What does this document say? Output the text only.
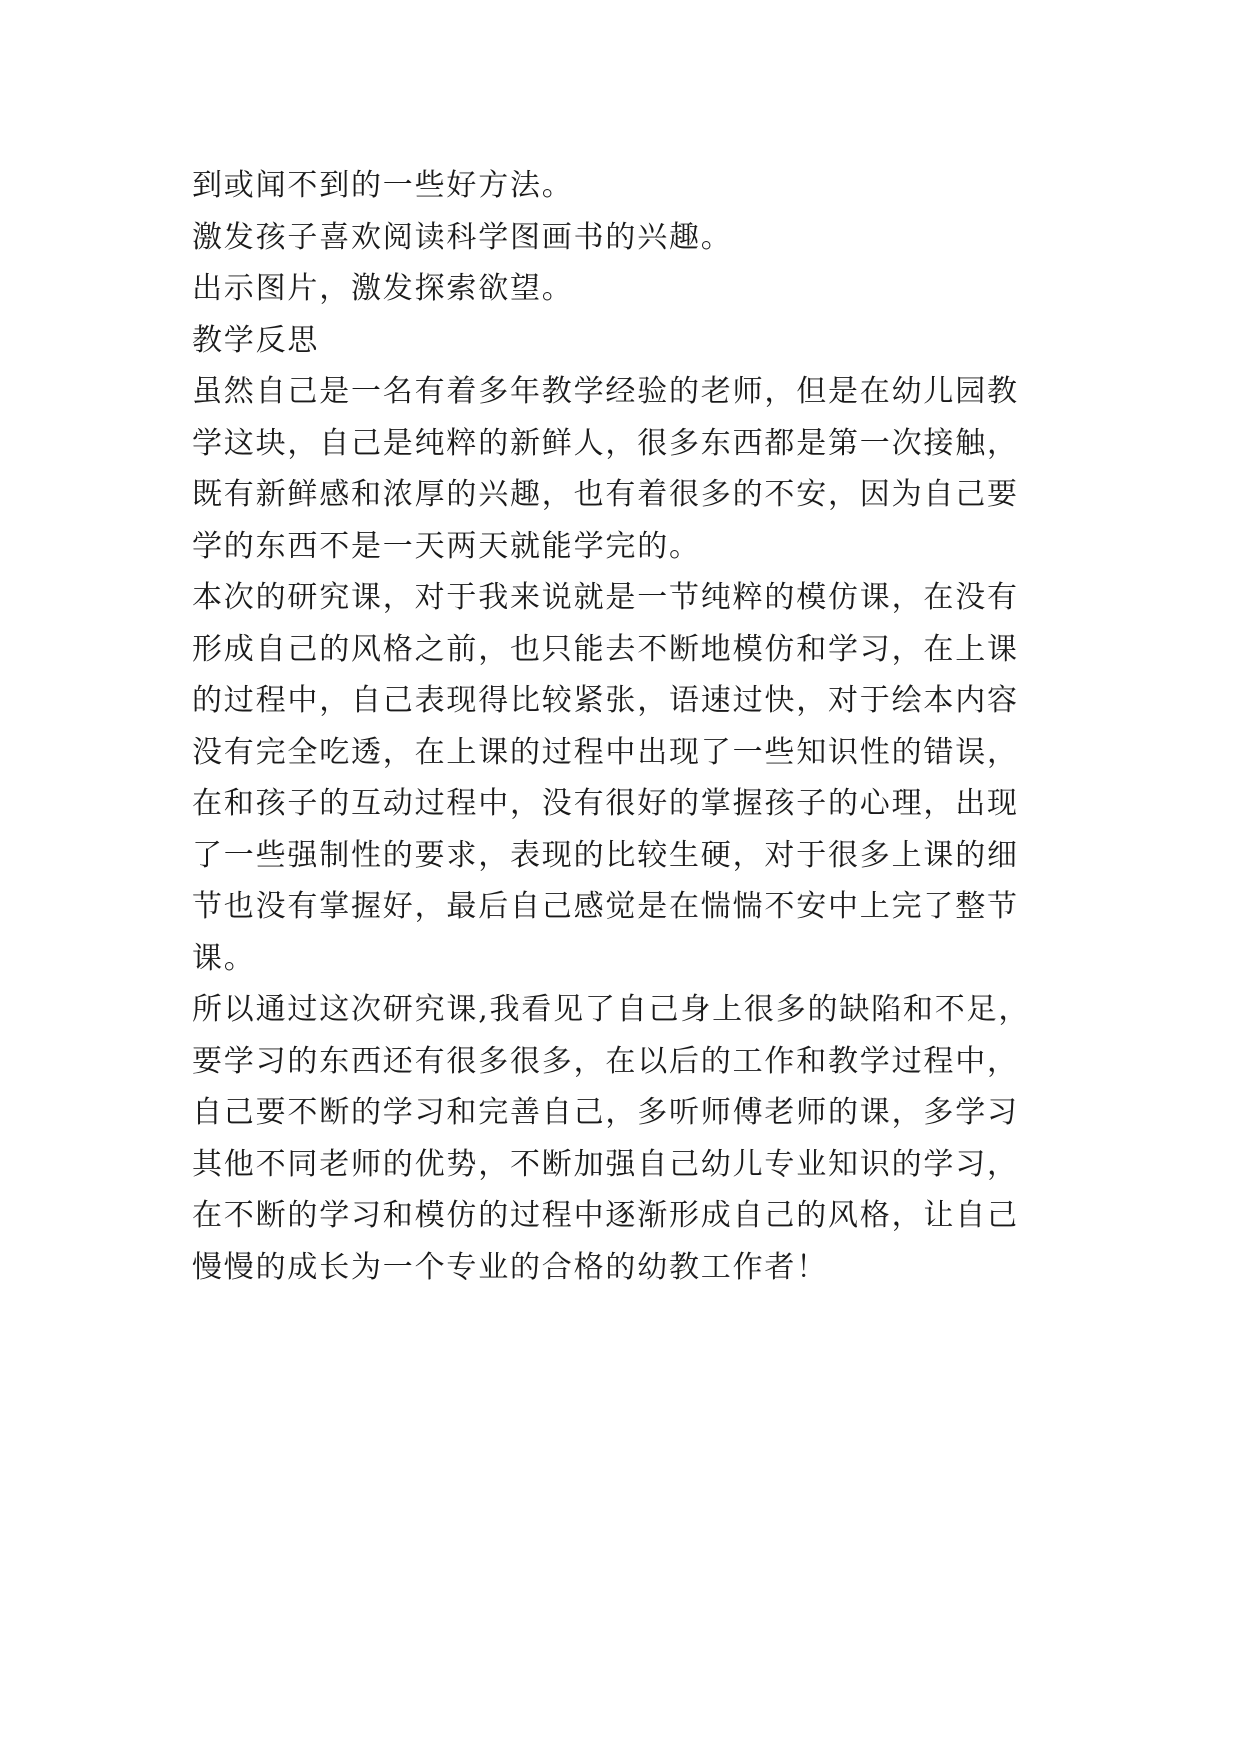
到或闻不到的一些好方法。
激发孩子喜欢阅读科学图画书的兴趣。
出示图片，激发探索欲望。
教学反思
虽然自己是一名有着多年教学经验的老师，但是在幼儿园教
学这块，自己是纯粹的新鲜人，很多东西都是第一次接触，
既有新鲜感和浓厚的兴趣，也有着很多的不安，因为自己要
学的东西不是一天两天就能学完的。
本次的研究课，对于我来说就是一节纯粹的模仿课，在没有
形成自己的风格之前，也只能去不断地模仿和学习，在上课
的过程中，自己表现得比较紧张，语速过快，对于绘本内容
没有完全吃透，在上课的过程中出现了一些知识性的错误，
在和孩子的互动过程中，没有很好的掌握孩子的心理，出现
了一些强制性的要求，表现的比较生硬，对于很多上课的细
节也没有掌握好，最后自己感觉是在惴惴不安中上完了整节
课。
所以通过这次研究课,我看见了自己身上很多的缺陷和不足，
要学习的东西还有很多很多，在以后的工作和教学过程中，
自己要不断的学习和完善自己，多听师傅老师的课，多学习
其他不同老师的优势，不断加强自己幼儿专业知识的学习，
在不断的学习和模仿的过程中逐渐形成自己的风格，让自己
慢慢的成长为一个专业的合格的幼教工作者！
